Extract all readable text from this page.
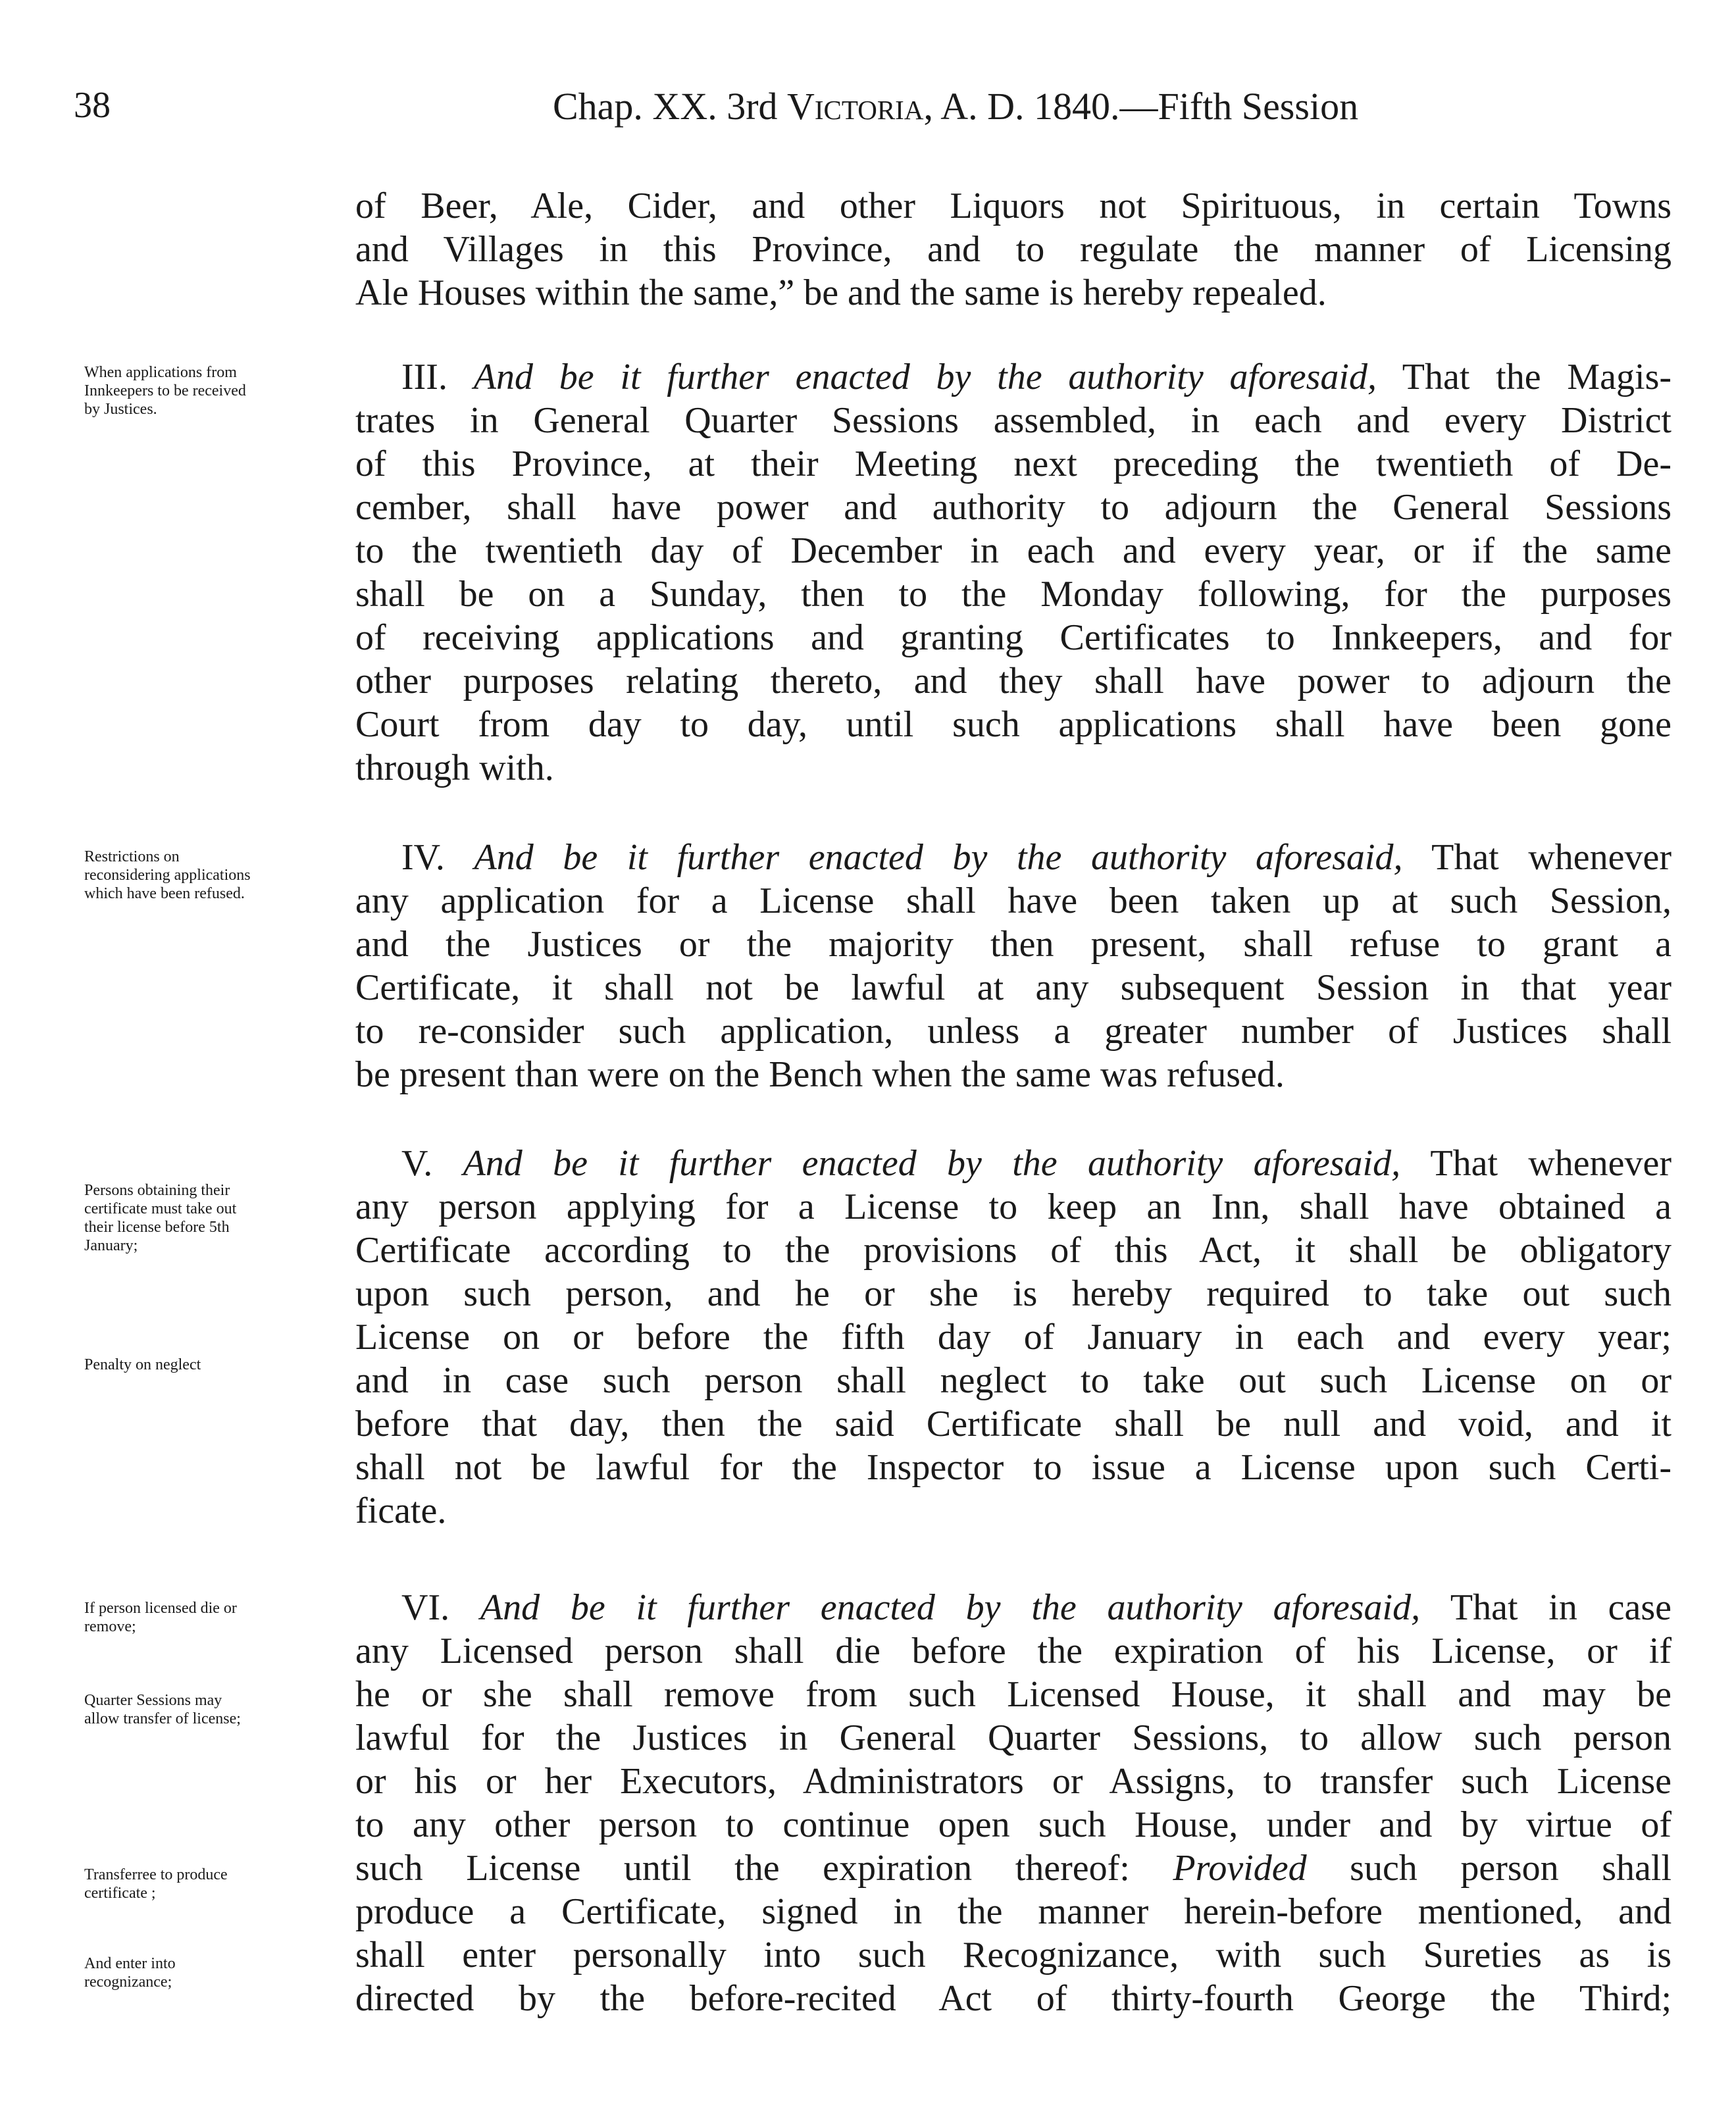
38	Chap. XX. 3rd Victoria, A. D. 1840.—Fifth Session
of Beer, Ale, Cider, and other Liquors not Spirituous, in certain Towns
and Villages in this Province, and to regulate the manner of Licensing
Ale Houses within the same,” be and the same is hereby repealed.
III. And be it further enacted by the authority aforesaid, That the Magis-
trates in General Quarter Sessions assembled, in each and every District
of this Province, at their Meeting next preceding the twentieth of De-
cember, shall have power and authority to adjourn the General Sessions
to the twentieth day of December in each and every year, or if the same
shall be on a Sunday, then to the Monday following, for the purposes
of receiving applications and granting Certificates to Innkeepers, and for
other purposes relating thereto, and they shall have power to adjourn the
Court from day to day, until such applications shall have been gone
through with.
When applications from
Innkeepers to be received
by Justices.
IV. And be it further enacted by the authority aforesaid, That whenever
any application for a License shall have been taken up at such Session,
and the Justices or the majority then present, shall refuse to grant a
Certificate, it shall not be lawful at any subsequent Session in that year
to re-consider such application, unless a greater number of Justices shall
be present than were on the Bench when the same was refused.
Restrictions on
reconsidering applications
which have been refused.
V. And be it further enacted by the authority aforesaid, That whenever
any person applying for a License to keep an Inn, shall have obtained a
Certificate according to the provisions of this Act, it shall be obligatory
upon such person, and he or she is hereby required to take out such
License on or before the fifth day of January in each and every year;
and in case such person shall neglect to take out such License on or
before that day, then the said Certificate shall be null and void, and it
shall not be lawful for the Inspector to issue a License upon such Certi-
ficate.
Persons obtaining their
certificate must take out
their license before 5th
January;
Penalty on neglect
VI. And be it further enacted by the authority aforesaid, That in case
any Licensed person shall die before the expiration of his License, or if
he or she shall remove from such Licensed House, it shall and may be
lawful for the Justices in General Quarter Sessions, to allow such person
or his or her Executors, Administrators or Assigns, to transfer such License
to any other person to continue open such House, under and by virtue of
such License until the expiration thereof: Provided such person shall
produce a Certificate, signed in the manner herein-before mentioned, and
shall enter personally into such Recognizance, with such Sureties as is
directed by the before-recited Act of thirty-fourth George the Third;
If person licensed die or
remove;
Quarter Sessions may
allow transfer of license;
Transferree to produce
certificate ;
And enter into
recognizance;
